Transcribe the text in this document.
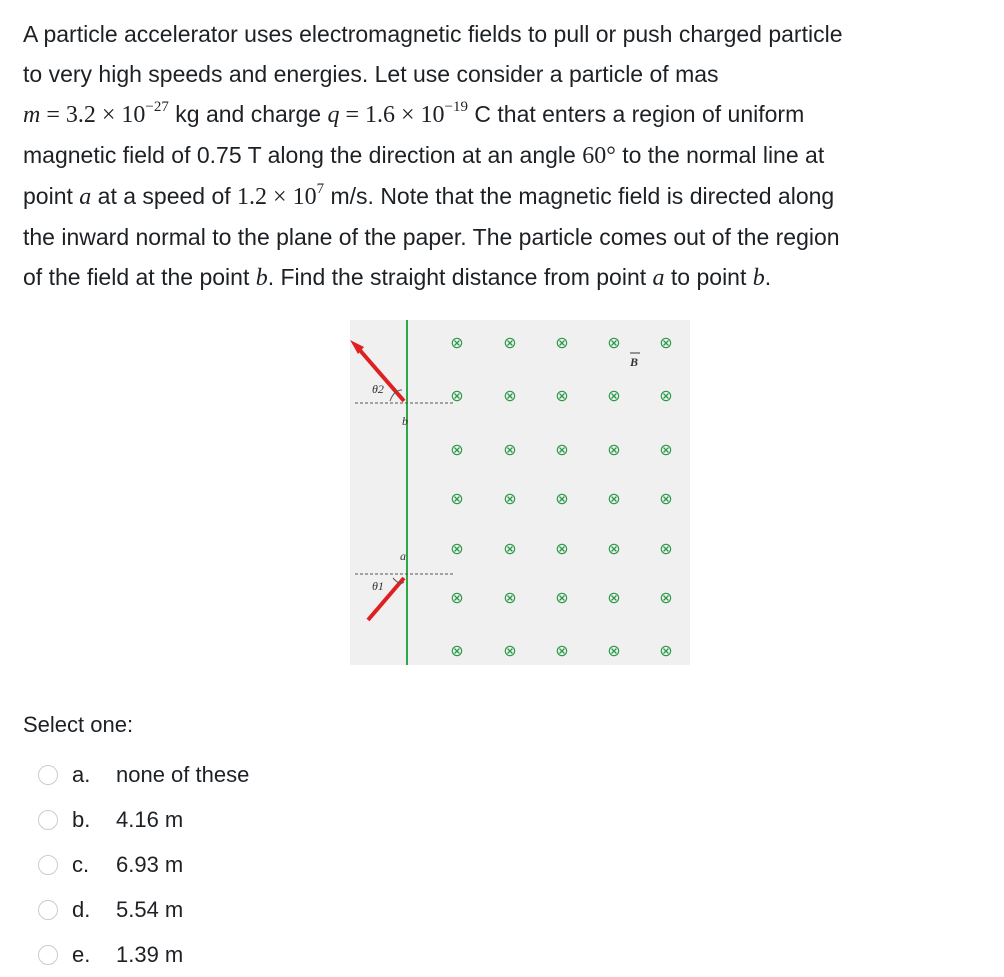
A particle accelerator uses electromagnetic fields to pull or push charged particle

to very high speeds and energies. Let use consider a particle of mas

$m = 3.2 \times 10^{-27}$ kg and charge $q = 1.6 \times 10^{-19}$ C that enters a region of uniform

magnetic field of 0.75 T along the direction at an angle 60° to the normal line at

point a at a speed of $1.2 \times 10^7$ m/s. Note that the magnetic field is directed along

the inward normal to the plane of the paper. The particle comes out of the region

of the field at the point b. Find the straight distance from point a to point b.

⊗ ⊗ ⊗ ⊗ ⊗
⊗ ⊗ ⊗ ⊗ ⊗
⊗ ⊗ ⊗ ⊗ ⊗
⊗ ⊗ ⊗ ⊗ ⊗
⊗ ⊗ ⊗ ⊗ ⊗
⊗ ⊗ ⊗ ⊗ ⊗
⊗ ⊗ ⊗ ⊗ ⊗
θ2
θ1
b
a
B
Select one:
a.	none of these
b.	4.16 m
c.	6.93 m
d.	5.54 m
e.	1.39 m
